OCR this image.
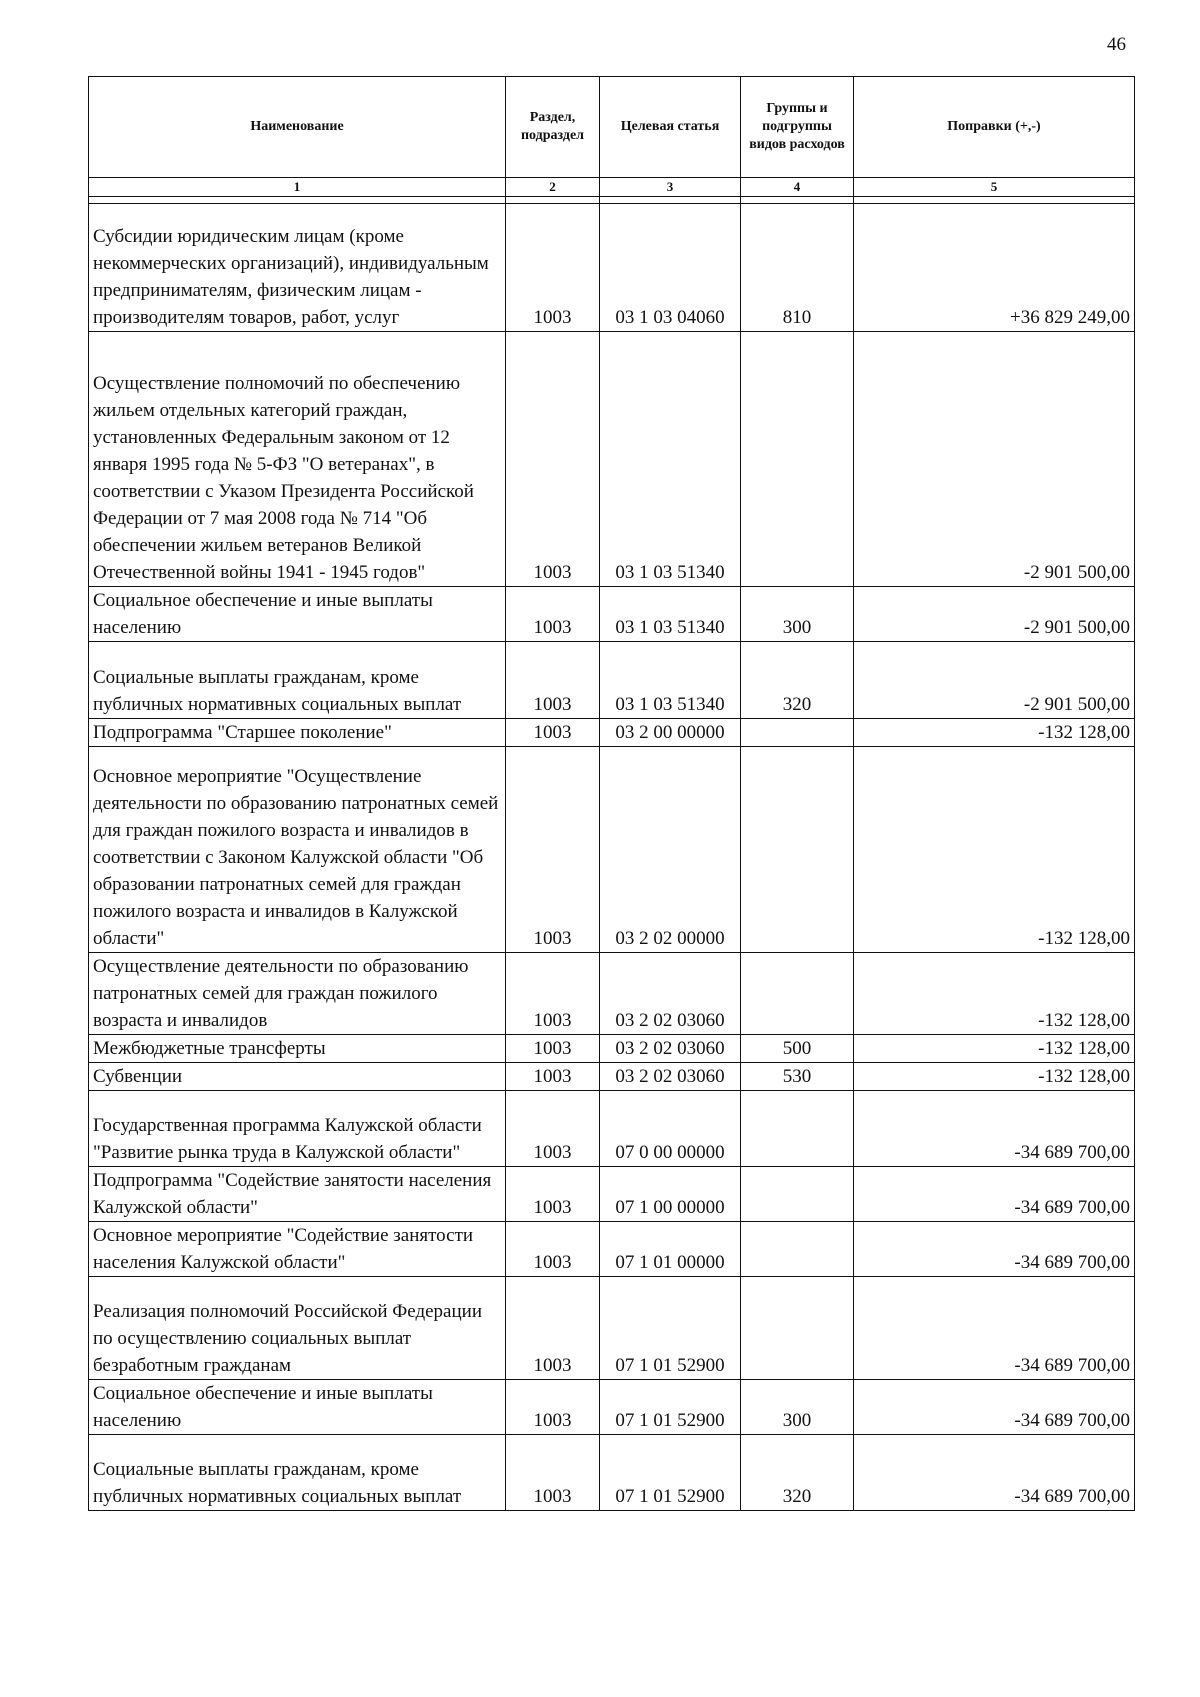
46
Наименование	Раздел, подраздел	Целевая статья	Группы и подгруппы видов расходов	Поправки (+,-)
1	2	3	4	5

Субсидии юридическим лицам (кроме некоммерческих организаций), индивидуальным предпринимателям, физическим лицам - производителям товаров, работ, услуг	1003	03 1 03 04060	810	+36 829 249,00
Осуществление полномочий по обеспечению жильем отдельных категорий граждан, установленных Федеральным законом от 12 января 1995 года № 5-ФЗ "О ветеранах", в соответствии с Указом Президента Российской Федерации от 7 мая 2008 года № 714 "Об обеспечении жильем ветеранов Великой Отечественной войны 1941 - 1945 годов"	1003	03 1 03 51340		-2 901 500,00
Социальное обеспечение и иные выплаты населению	1003	03 1 03 51340	300	-2 901 500,00
Социальные выплаты гражданам, кроме публичных нормативных социальных выплат	1003	03 1 03 51340	320	-2 901 500,00
Подпрограмма "Старшее поколение"	1003	03 2 00 00000		-132 128,00
Основное мероприятие "Осуществление деятельности по образованию патронатных семей для граждан пожилого возраста и инвалидов в соответствии с Законом Калужской области "Об образовании патронатных семей для граждан пожилого возраста и инвалидов в Калужской области"	1003	03 2 02 00000		-132 128,00
Осуществление деятельности по образованию патронатных семей для граждан пожилого возраста и инвалидов	1003	03 2 02 03060		-132 128,00
Межбюджетные трансферты	1003	03 2 02 03060	500	-132 128,00
Субвенции	1003	03 2 02 03060	530	-132 128,00
Государственная программа Калужской области "Развитие рынка труда в Калужской области"	1003	07 0 00 00000		-34 689 700,00
Подпрограмма "Содействие занятости населения Калужской области"	1003	07 1 00 00000		-34 689 700,00
Основное мероприятие "Содействие занятости населения Калужской области"	1003	07 1 01 00000		-34 689 700,00
Реализация полномочий Российской Федерации по осуществлению социальных выплат безработным гражданам	1003	07 1 01 52900		-34 689 700,00
Социальное обеспечение и иные выплаты населению	1003	07 1 01 52900	300	-34 689 700,00
Социальные выплаты гражданам, кроме публичных нормативных социальных выплат	1003	07 1 01 52900	320	-34 689 700,00
